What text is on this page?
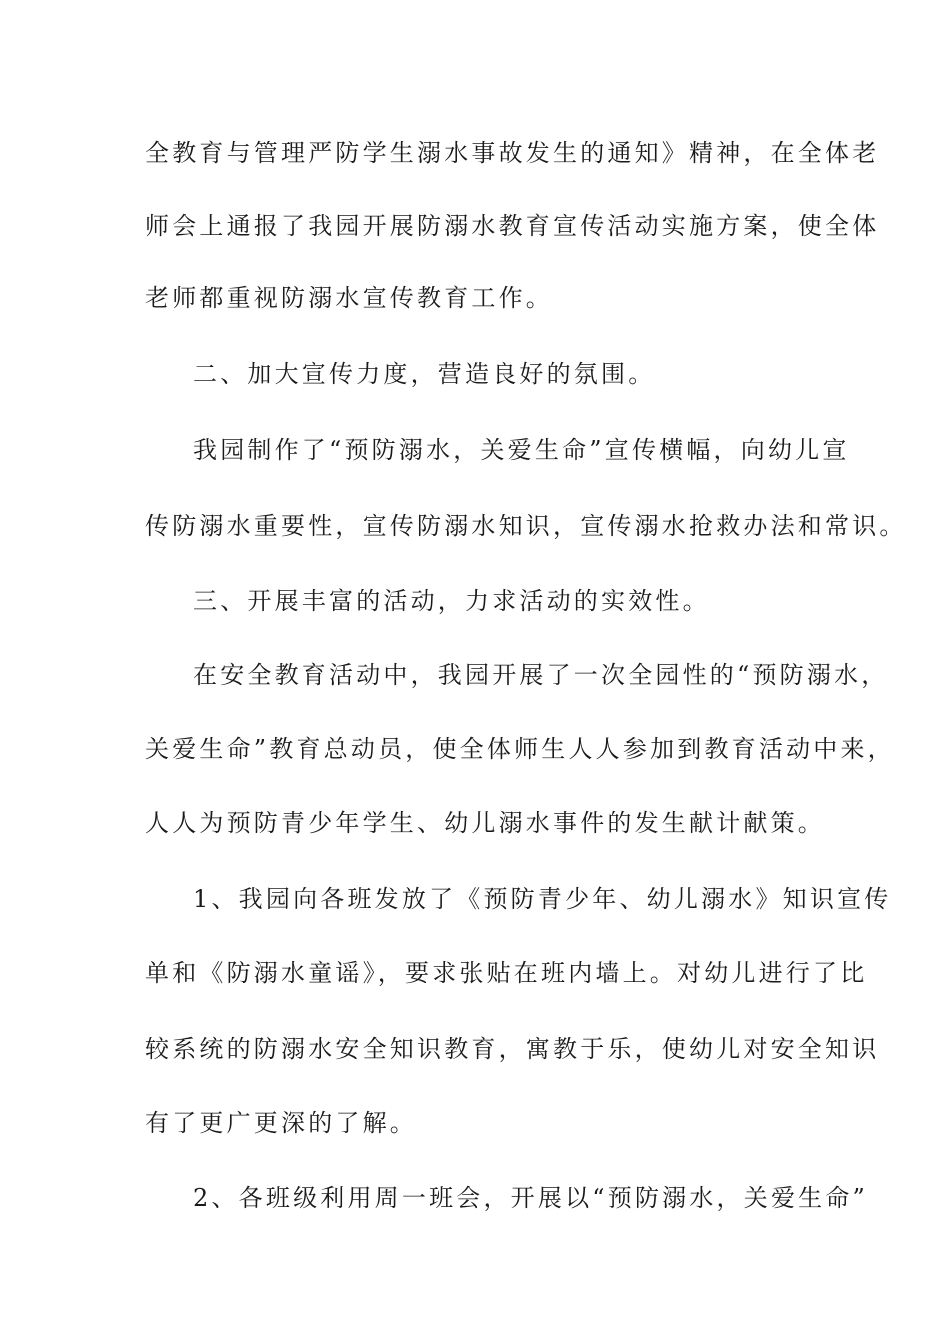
全教育与管理严防学生溺水事故发生的通知》精神，在全体老
师会上通报了我园开展防溺水教育宣传活动实施方案，使全体
老师都重视防溺水宣传教育工作。
二、加大宣传力度，营造良好的氛围。
我园制作了“预防溺水，关爱生命”宣传横幅，向幼儿宣
传防溺水重要性，宣传防溺水知识，宣传溺水抢救办法和常识。
三、开展丰富的活动，力求活动的实效性。
在安全教育活动中，我园开展了一次全园性的“预防溺水，
关爱生命”教育总动员，使全体师生人人参加到教育活动中来，
人人为预防青少年学生、幼儿溺水事件的发生献计献策。
1、我园向各班发放了《预防青少年、幼儿溺水》知识宣传
单和《防溺水童谣》，要求张贴在班内墙上。对幼儿进行了比
较系统的防溺水安全知识教育，寓教于乐，使幼儿对安全知识
有了更广更深的了解。
2、各班级利用周一班会，开展以“预防溺水，关爱生命”
